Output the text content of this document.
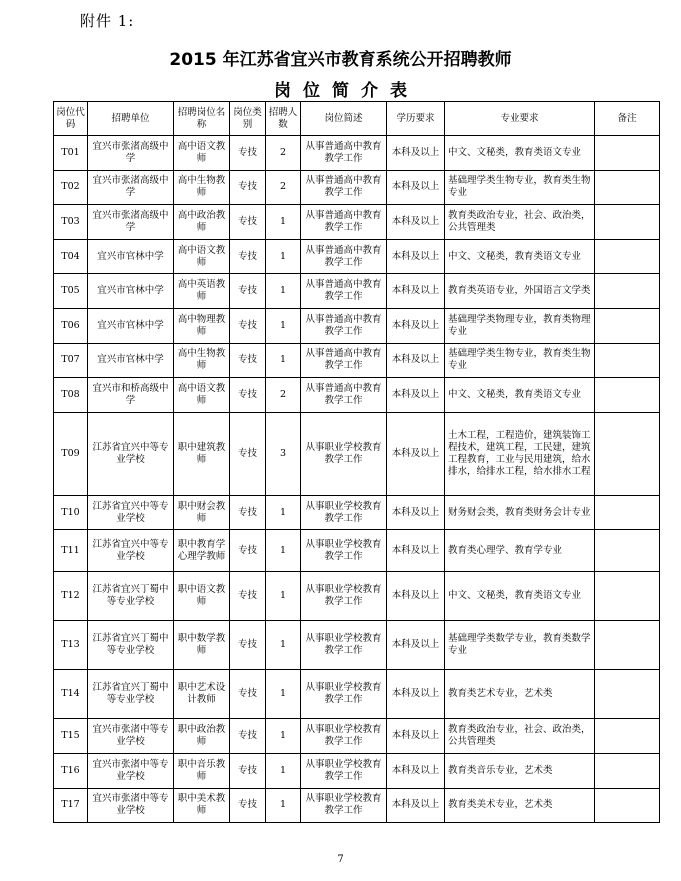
附件 1:
2015 年江苏省宜兴市教育系统公开招聘教师
岗位简介表
岗位代码	招聘单位	招聘岗位名称	岗位类别	招聘人数	岗位简述	学历要求	专业要求	备注
T01	宜兴市张渚高级中学	高中语文教师	专技	2	从事普通高中教育教学工作	本科及以上	中文、文秘类，教育类语文专业	
T02	宜兴市张渚高级中学	高中生物教师	专技	2	从事普通高中教育教学工作	本科及以上	基础理学类生物专业，教育类生物专业	
T03	宜兴市张渚高级中学	高中政治教师	专技	1	从事普通高中教育教学工作	本科及以上	教育类政治专业，社会、政治类，公共管理类	
T04	宜兴市官林中学	高中语文教师	专技	1	从事普通高中教育教学工作	本科及以上	中文、文秘类，教育类语文专业	
T05	宜兴市官林中学	高中英语教师	专技	1	从事普通高中教育教学工作	本科及以上	教育类英语专业，外国语言文学类	
T06	宜兴市官林中学	高中物理教师	专技	1	从事普通高中教育教学工作	本科及以上	基础理学类物理专业，教育类物理专业	
T07	宜兴市官林中学	高中生物教师	专技	1	从事普通高中教育教学工作	本科及以上	基础理学类生物专业，教育类生物专业	
T08	宜兴市和桥高级中学	高中语文教师	专技	2	从事普通高中教育教学工作	本科及以上	中文、文秘类，教育类语文专业	
T09	江苏省宜兴中等专业学校	职中建筑教师	专技	3	从事职业学校教育教学工作	本科及以上	土木工程，工程造价，建筑装饰工程技术，建筑工程，工民建，建筑工程教育，工业与民用建筑，给水排水，给排水工程，给水排水工程	
T10	江苏省宜兴中等专业学校	职中财会教师	专技	1	从事职业学校教育教学工作	本科及以上	财务财会类，教育类财务会计专业	
T11	江苏省宜兴中等专业学校	职中教育学心理学教师	专技	1	从事职业学校教育教学工作	本科及以上	教育类心理学、教育学专业	
T12	江苏省宜兴丁蜀中等专业学校	职中语文教师	专技	1	从事职业学校教育教学工作	本科及以上	中文、文秘类，教育类语文专业	
T13	江苏省宜兴丁蜀中等专业学校	职中数学教师	专技	1	从事职业学校教育教学工作	本科及以上	基础理学类数学专业，教育类数学专业	
T14	江苏省宜兴丁蜀中等专业学校	职中艺术设计教师	专技	1	从事职业学校教育教学工作	本科及以上	教育类艺术专业，艺术类	
T15	宜兴市张渚中等专业学校	职中政治教师	专技	1	从事职业学校教育教学工作	本科及以上	教育类政治专业，社会、政治类，公共管理类	
T16	宜兴市张渚中等专业学校	职中音乐教师	专技	1	从事职业学校教育教学工作	本科及以上	教育类音乐专业，艺术类	
T17	宜兴市张渚中等专业学校	职中美术教师	专技	1	从事职业学校教育教学工作	本科及以上	教育类美术专业，艺术类	
7
